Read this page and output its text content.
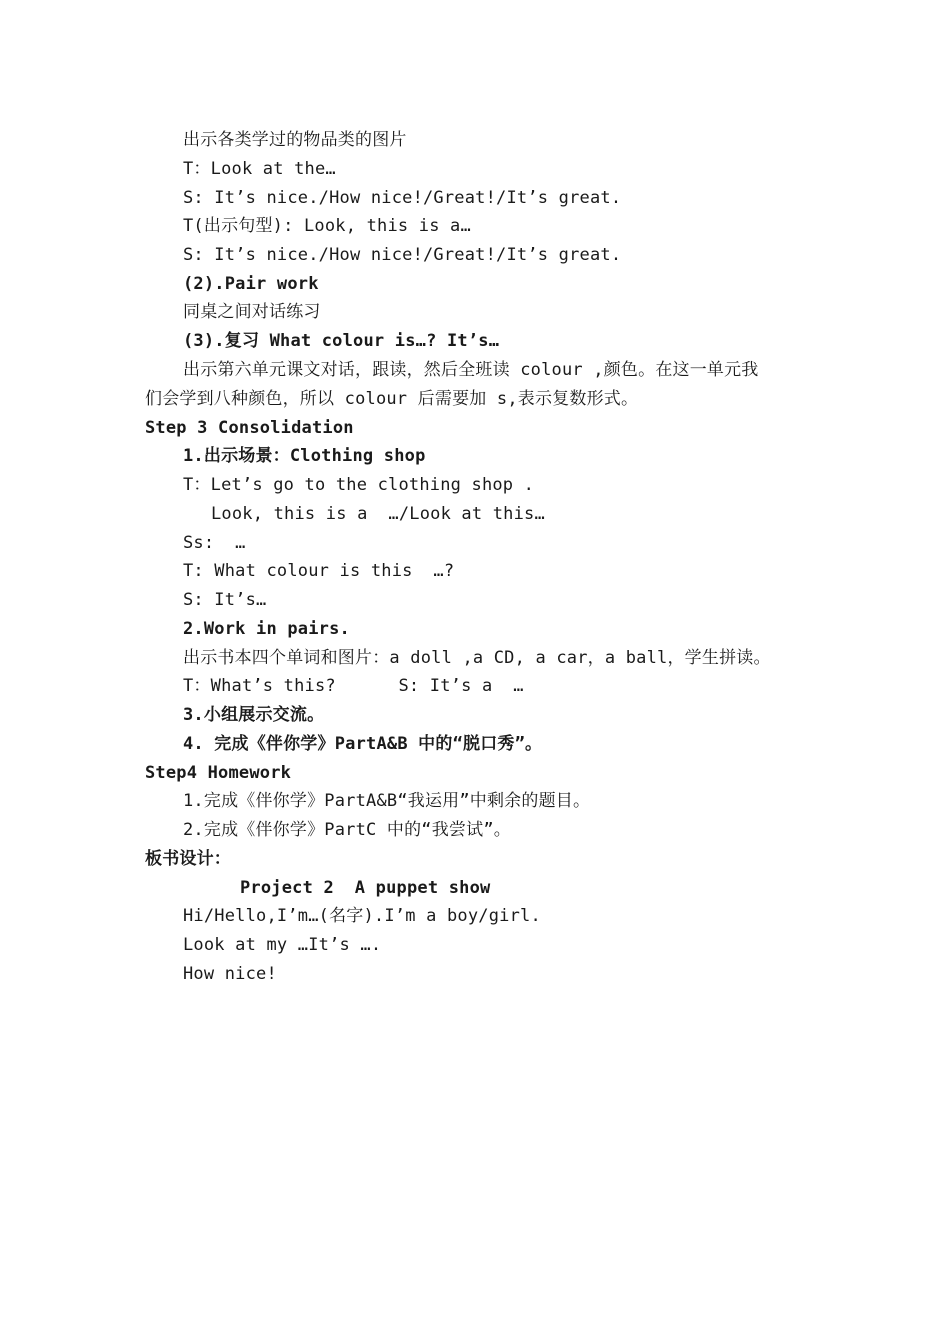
出示各类学过的物品类的图片
T：Look at the…
S: It’s nice./How nice!/Great!/It’s great.
T(出示句型): Look, this is a…
S: It’s nice./How nice!/Great!/It’s great.
(2).Pair work
同桌之间对话练习
(3).复习 What colour is…? It’s…
出示第六单元课文对话，跟读，然后全班读 colour ,颜色。在这一单元我
们会学到八种颜色，所以 colour 后需要加 s,表示复数形式。
Step 3 Consolidation
1.出示场景：Clothing shop
T：Let’s go to the clothing shop .
Look, this is a  …/Look at this…
Ss:  …
T: What colour is this  …?
S: It’s…
2.Work in pairs.
出示书本四个单词和图片：a doll ,a CD, a car，a ball，学生拼读。
T：What’s this?      S: It’s a  …
3.小组展示交流。
4. 完成《伴你学》PartA&B 中的“脱口秀”。
Step4 Homework
1.完成《伴你学》PartA&B“我运用”中剩余的题目。
2.完成《伴你学》PartC 中的“我尝试”。
板书设计：
Project 2  A puppet show
Hi/Hello,I’m…(名字).I’m a boy/girl.
Look at my …It’s ….
How nice!
